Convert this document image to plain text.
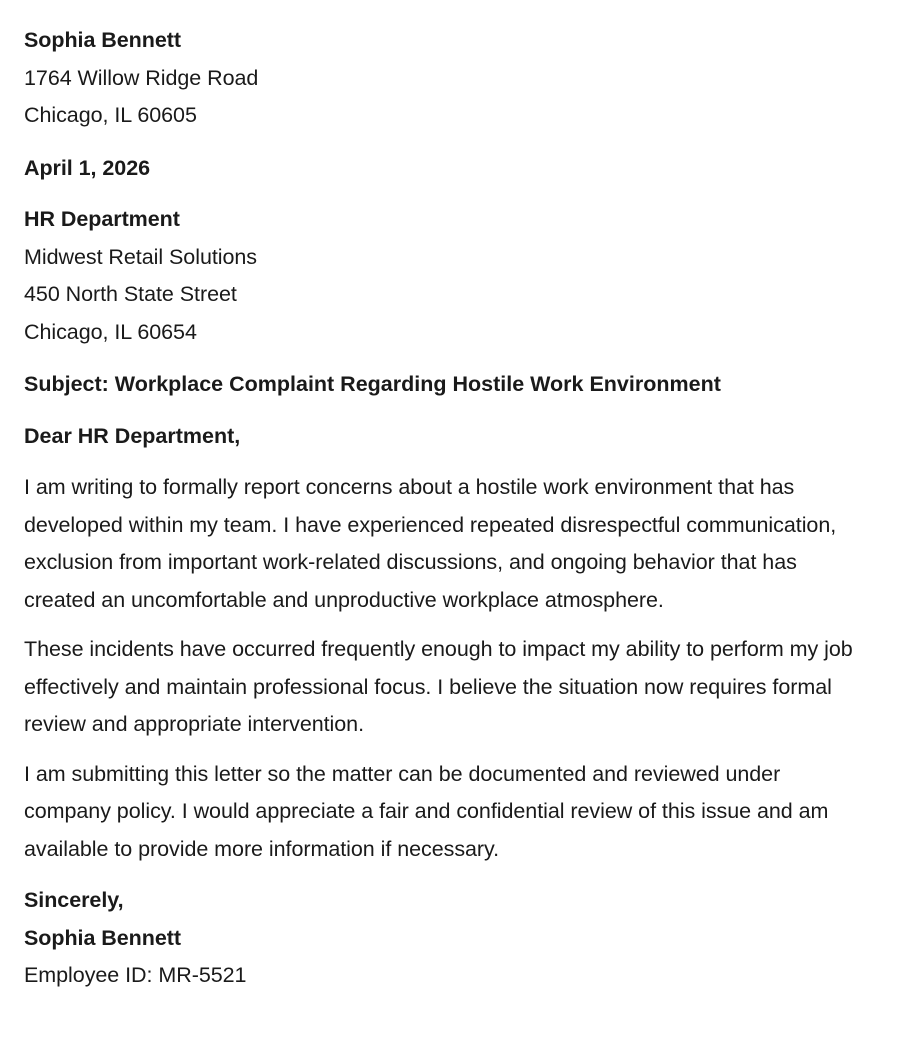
Sophia Bennett
1764 Willow Ridge Road
Chicago, IL 60605
April 1, 2026
HR Department
Midwest Retail Solutions
450 North State Street
Chicago, IL 60654
Subject: Workplace Complaint Regarding Hostile Work Environment
Dear HR Department,

I am writing to formally report concerns about a hostile work environment that has developed within my team. I have experienced repeated disrespectful communication, exclusion from important work-related discussions, and ongoing behavior that has created an uncomfortable and unproductive workplace atmosphere.

These incidents have occurred frequently enough to impact my ability to perform my job effectively and maintain professional focus. I believe the situation now requires formal review and appropriate intervention.

I am submitting this letter so the matter can be documented and reviewed under company policy. I would appreciate a fair and confidential review of this issue and am available to provide more information if necessary.

Sincerely,
Sophia Bennett
Employee ID: MR-5521
